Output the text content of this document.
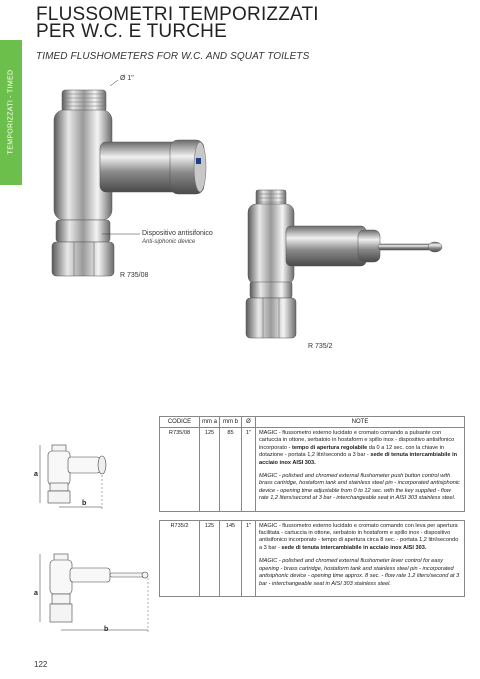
TEMPORIZZATI - TIMED
FLUSSOMETRI TEMPORIZZATI
PER W.C. E TURCHE
TIMED FLUSHOMETERS FOR W.C. AND SQUAT TOILETS
Ø 1"
Dispositivo antisifonico
Anti-siphonic device
R 735/08
R 735/2
a
b
a
b
CODICE	mm a	mm b	Ø	NOTE
R735/08	125	85	1"	MAGIC - flussometro esterno lucidato e cromato comando a pulsante con cartuccia in ottone, serbatoio in hostaform e spillo inox - dispositivo antisifonico incorporato - tempo di apertura regolabile da 0 a 12 sec. con la chiave in dotazione - portata 1,2 litri/secondo a 3 bar - sede di tenuta intercambiabile in acciaio inox AISI 303.

MAGIC - polished and chromed external flushometer push button control with brass cartridge, hostaform tank and stainless steel pin - incorporated antisiphonic device - opening time adjustable from 0 to 12 sec. with the key supplied - flow rate 1,2 liters/second at 3 bar - interchangeable seat in AISI 303 stainless steel.

R735/2	125	145	1"	MAGIC - flussometro esterno lucidato e cromato comando con leva per apertura facilitata - cartuccia in ottone, serbatoio in hostaform e spillo inox - dispositivo antisifonico incorporato - tempo di apertura circa 8 sec. - portata 1,2 litri/secondo a 3 bar - sede di tenuta intercambiabile in acciaio inox AISI 303.

MAGIC - polished and chromed external flushometer lever control for easy opening - brass cartridge, hostaform tank and stainless steel pin - incorporated antisiphonic device - opening time approx. 8 sec. - flow rate 1.2 liters/second at 3 bar - interchangeable seat in AISI 303 stainless steel.

122
